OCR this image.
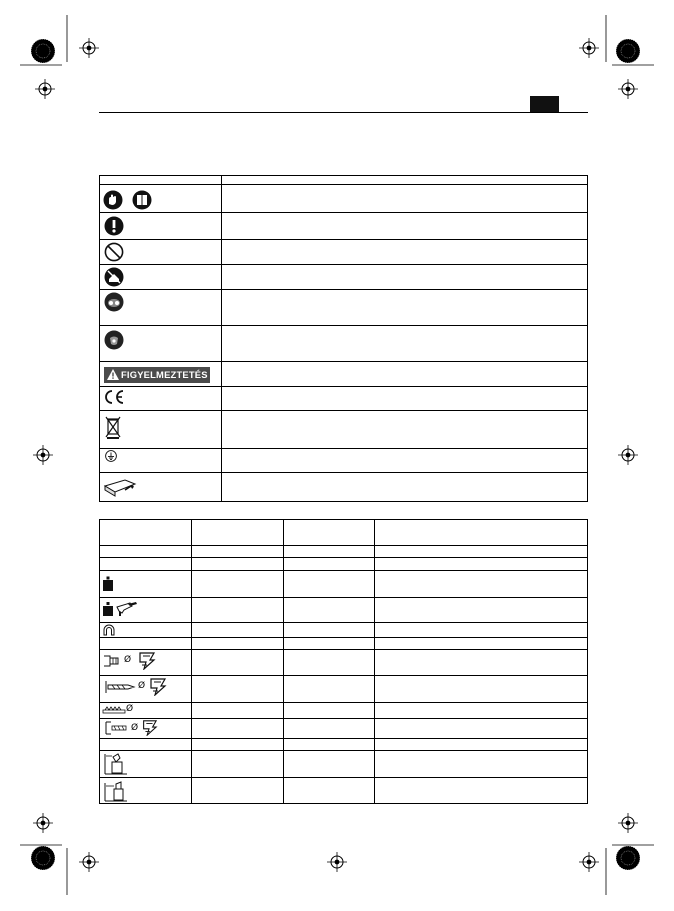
FIGYELMEZTETÉS
Ø
Ø
Ø
Ø
